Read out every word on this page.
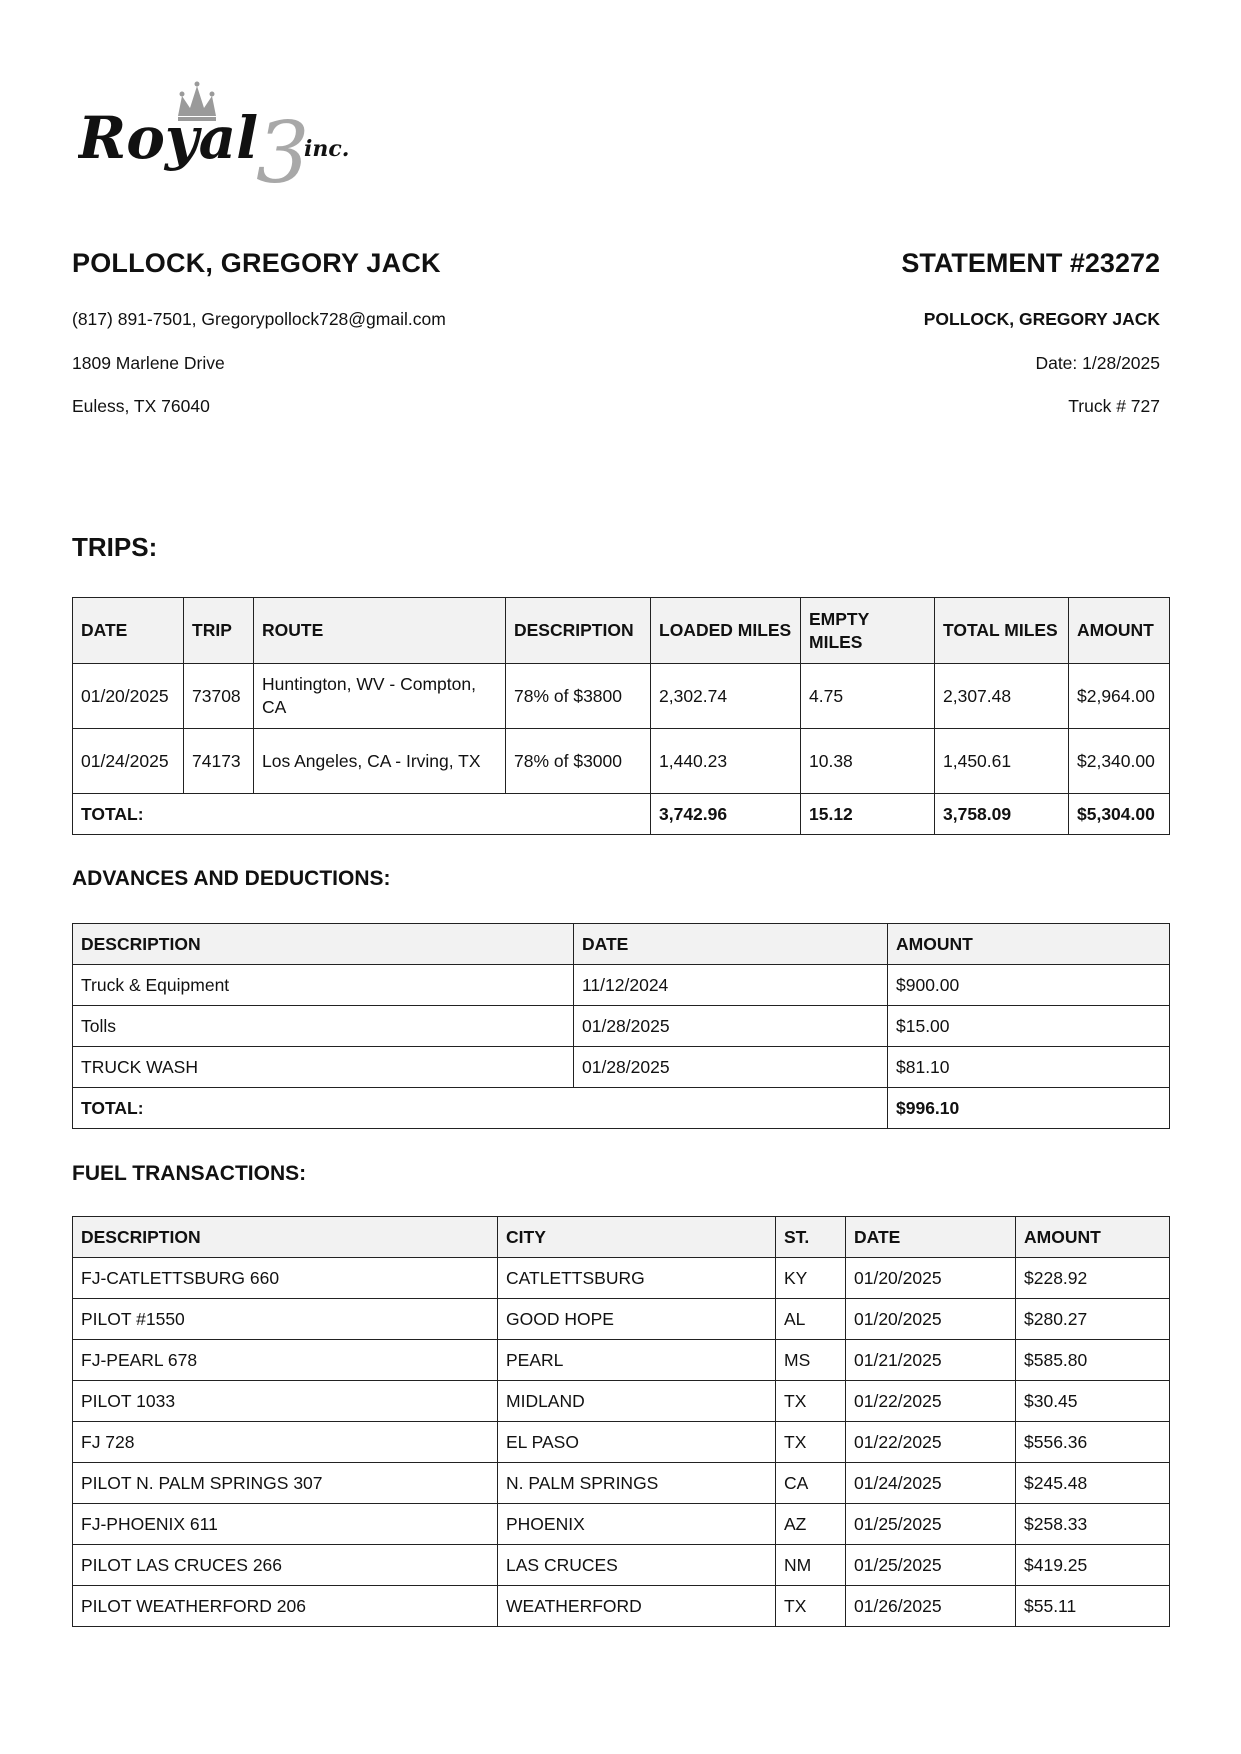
Royal
3
inc.
POLLOCK, GREGORY JACK	STATEMENT #23272
(817) 891-7501, Gregorypollock728@gmail.com
1809 Marlene Drive
Euless, TX 76040
POLLOCK, GREGORY JACK
Date: 1/28/2025
Truck # 727
TRIPS:
DATE	TRIP	ROUTE	DESCRIPTION	LOADED MILES	EMPTY MILES	TOTAL MILES	AMOUNT
01/20/2025	73708	Huntington, WV - Compton, CA	78% of $3800	2,302.74	4.75	2,307.48	$2,964.00
01/24/2025	74173	Los Angeles, CA - Irving, TX	78% of $3000	1,440.23	10.38	1,450.61	$2,340.00
TOTAL:				3,742.96	15.12	3,758.09	$5,304.00
ADVANCES AND DEDUCTIONS:
DESCRIPTION	DATE	AMOUNT
Truck & Equipment	11/12/2024	$900.00
Tolls	01/28/2025	$15.00
TRUCK WASH	01/28/2025	$81.10
TOTAL:		$996.10
FUEL TRANSACTIONS:
DESCRIPTION	CITY	ST.	DATE	AMOUNT
FJ-CATLETTSBURG 660	CATLETTSBURG	KY	01/20/2025	$228.92
PILOT #1550	GOOD HOPE	AL	01/20/2025	$280.27
FJ-PEARL 678	PEARL	MS	01/21/2025	$585.80
PILOT 1033	MIDLAND	TX	01/22/2025	$30.45
FJ 728	EL PASO	TX	01/22/2025	$556.36
PILOT N. PALM SPRINGS 307	N. PALM SPRINGS	CA	01/24/2025	$245.48
FJ-PHOENIX 611	PHOENIX	AZ	01/25/2025	$258.33
PILOT LAS CRUCES 266	LAS CRUCES	NM	01/25/2025	$419.25
PILOT WEATHERFORD 206	WEATHERFORD	TX	01/26/2025	$55.11
